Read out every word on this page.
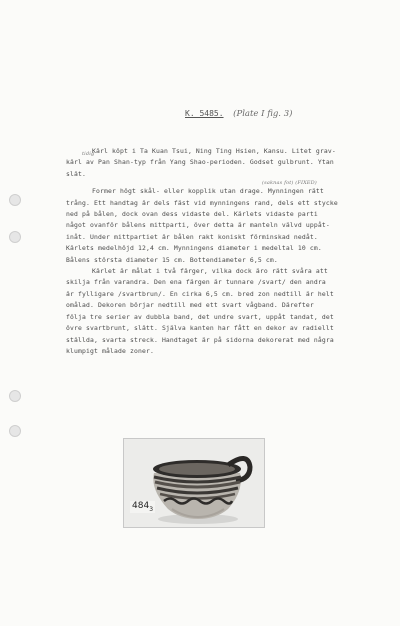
K. 5485. (Plate I fig. 3)
Kärl köpt i Ta Kuan Tsui, Ning Ting Hsien, Kansu. Litet grav-
tidig
kärl av Pan Shan-typ från Yang Shao-perioden. Godset gulbrunt. Ytan
slät.
Former högt skål- eller kopplik utan drage. Mynningen rätt
(saknas fot) (FIXED)
trång. Ett handtag är dels fäst vid mynningens rand, dels ett stycke
ned på bålen, dock ovan dess vidaste del. Kärlets vidaste parti
något ovanför bålens mittparti, över detta är manteln välvd uppåt-
inåt. Under mittpartiet är bålen rakt koniskt förminskad nedåt.
Kärlets medelhöjd 12,4 cm. Mynningens diameter i medeltal 10 cm.
Bålens största diameter 15 cm. Bottendiameter 6,5 cm.
Kärlet är målat i två färger, vilka dock äro rätt svåra att
skilja från varandra. Den ena färgen är tunnare /svart/ den andra
är fylligare /svartbrun/. En cirka 6,5 cm. bred zon nedtill är helt
omålad. Dekoren börjar nedtill med ett svart vågband. Därefter
följa tre serier av dubbla band, det undre svart, uppåt tandat, det
övre svartbrunt, slätt. Själva kanten har fått en dekor av radiellt
ställda, svarta streck. Handtaget är på sidorna dekorerat med några
klumpigt målade zoner.
$484_3$
